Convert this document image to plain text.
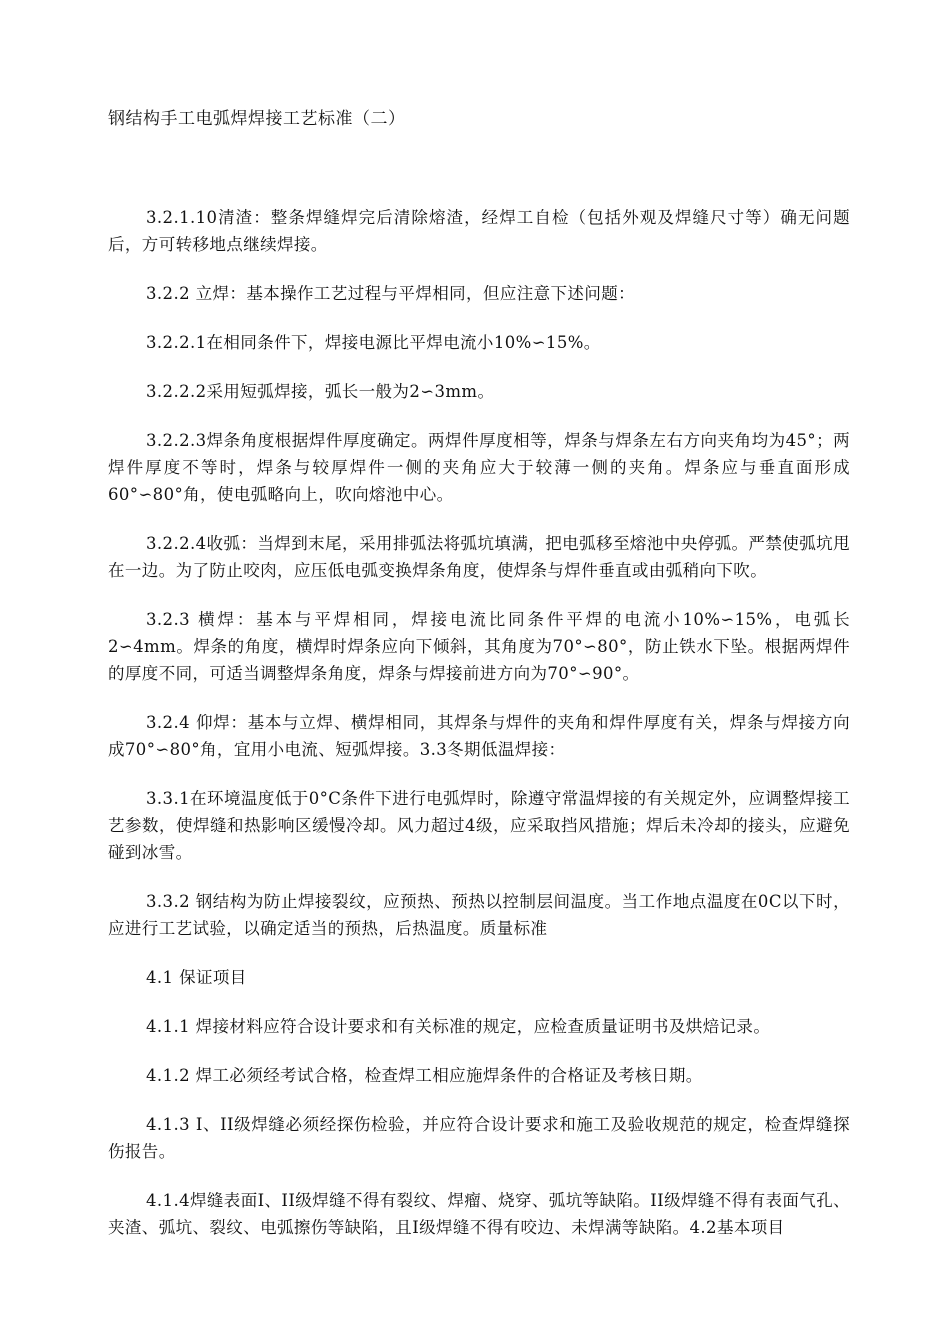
钢结构手工电弧焊焊接工艺标准（二）

3.2.1.10清渣：整条焊缝焊完后清除熔渣，经焊工自检（包括外观及焊缝尺寸等）确无问题后，方可转移地点继续焊接。

3.2.2 立焊：基本操作工艺过程与平焊相同，但应注意下述问题：

3.2.2.1在相同条件下，焊接电源比平焊电流小10%∽15%。

3.2.2.2采用短弧焊接，弧长一般为2∽3mm。

3.2.2.3焊条角度根据焊件厚度确定。两焊件厚度相等，焊条与焊条左右方向夹角均为45°；两焊件厚度不等时，焊条与较厚焊件一侧的夹角应大于较薄一侧的夹角。焊条应与垂直面形成60°∽80°角，使电弧略向上，吹向熔池中心。

3.2.2.4收弧：当焊到末尾，采用排弧法将弧坑填满，把电弧移至熔池中央停弧。严禁使弧坑甩在一边。为了防止咬肉，应压低电弧变换焊条角度，使焊条与焊件垂直或由弧稍向下吹。

3.2.3 横焊：基本与平焊相同，焊接电流比同条件平焊的电流小10%∽15%，电弧长2∽4mm。焊条的角度，横焊时焊条应向下倾斜，其角度为70°∽80°，防止铁水下坠。根据两焊件的厚度不同，可适当调整焊条角度，焊条与焊接前进方向为70°∽90°。

3.2.4 仰焊：基本与立焊、横焊相同，其焊条与焊件的夹角和焊件厚度有关，焊条与焊接方向成70°∽80°角，宜用小电流、短弧焊接。3.3冬期低温焊接：

3.3.1在环境温度低于0°C条件下进行电弧焊时，除遵守常温焊接的有关规定外，应调整焊接工艺参数，使焊缝和热影响区缓慢冷却。风力超过4级，应采取挡风措施；焊后未冷却的接头，应避免碰到冰雪。

3.3.2 钢结构为防止焊接裂纹，应预热、预热以控制层间温度。当工作地点温度在0C以下时，应进行工艺试验，以确定适当的预热，后热温度。质量标准

4.1 保证项目

4.1.1 焊接材料应符合设计要求和有关标准的规定，应检查质量证明书及烘焙记录。

4.1.2 焊工必须经考试合格，检查焊工相应施焊条件的合格证及考核日期。

4.1.3 I、II级焊缝必须经探伤检验，并应符合设计要求和施工及验收规范的规定，检查焊缝探伤报告。

4.1.4焊缝表面I、II级焊缝不得有裂纹、焊瘤、烧穿、弧坑等缺陷。II级焊缝不得有表面气孔、夹渣、弧坑、裂纹、电弧擦伤等缺陷，且I级焊缝不得有咬边、未焊满等缺陷。4.2基本项目
